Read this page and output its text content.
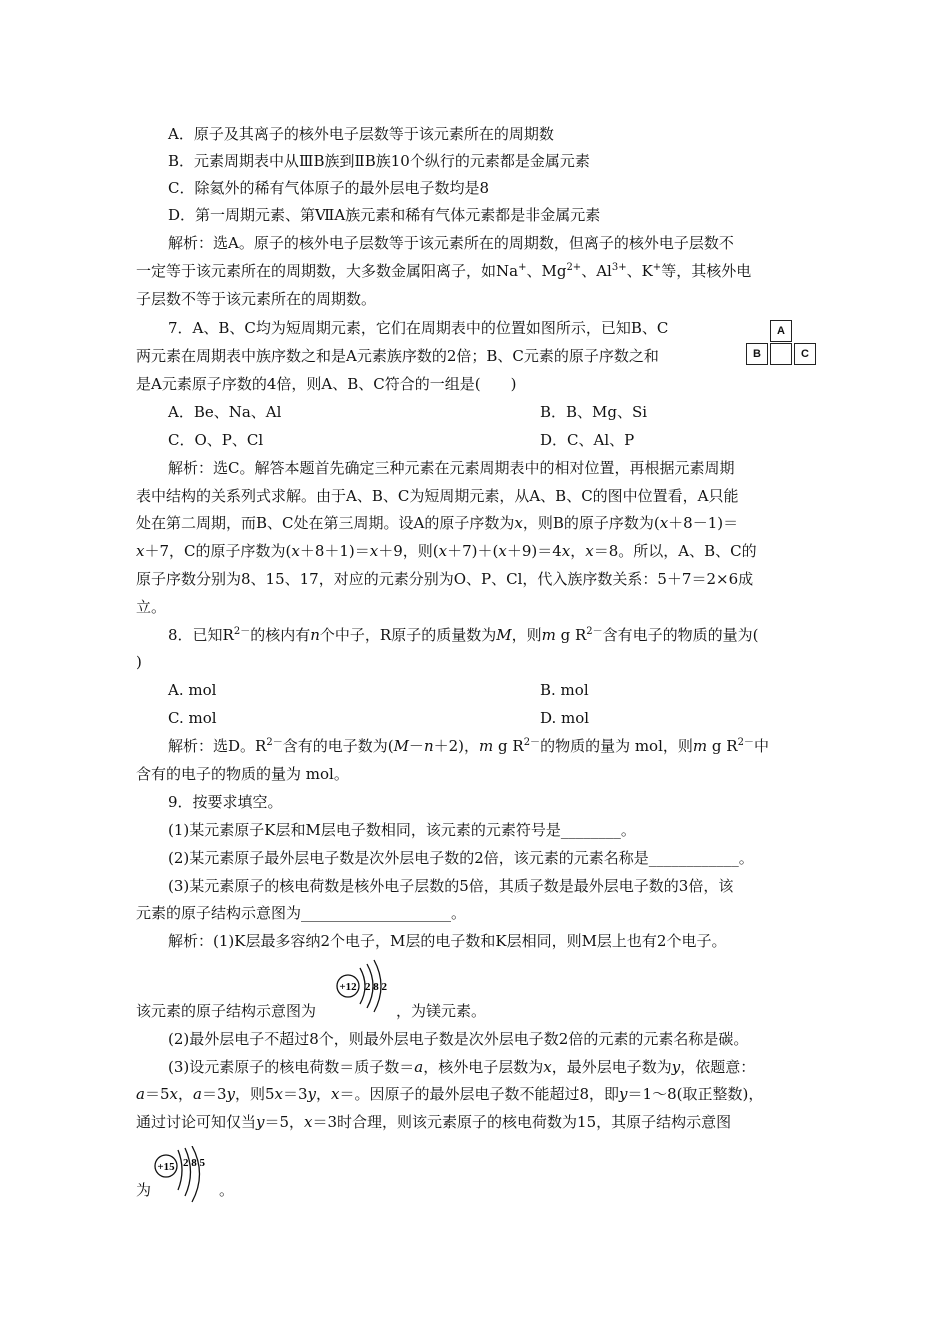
A．原子及其离子的核外电子层数等于该元素所在的周期数
B．元素周期表中从ⅢB族到ⅡB族10个纵行的元素都是金属元素
C．除氦外的稀有气体原子的最外层电子数均是8
D．第一周期元素、第ⅦA族元素和稀有气体元素都是非金属元素
解析：选A。原子的核外电子层数等于该元素所在的周期数，但离子的核外电子层数不
一定等于该元素所在的周期数，大多数金属阳离子，如Na+、$Mg^{2+}$、$Al^{3+}$、K+等，其核外电
子层数不等于该元素所在的周期数。
7．A、B、C均为短周期元素，它们在周期表中的位置如图所示，已知B、C
两元素在周期表中族序数之和是A元素族序数的2倍；B、C元素的原子序数之和
是A元素原子序数的4倍，则A、B、C符合的一组是(　　)
A
B	C
A．Be、Na、Al	B．B、Mg、Si
C．O、P、Cl	D．C、Al、P
解析：选C。解答本题首先确定三种元素在元素周期表中的相对位置，再根据元素周期
表中结构的关系列式求解。由于A、B、C为短周期元素，从A、B、C的图中位置看，A只能
处在第二周期，而B、C处在第三周期。设A的原子序数为x，则B的原子序数为(x＋8－1)＝
x＋7，C的原子序数为(x＋8＋1)＝x＋9，则(x＋7)＋(x＋9)＝4x，x＝8。所以，A、B、C的
原子序数分别为8、15、17，对应的元素分别为O、P、Cl，代入族序数关系：5＋7＝2×6成
立。
8．已知$R^{2-}$的核内有n个中子，R原子的质量数为M，则m g $R^{2-}$含有电子的物质的量为(
)
A. mol	B. mol
C. mol	D. mol
解析：选D。$R^{2-}$含有的电子数为(M－n＋2)，m g $R^{2-}$的物质的量为 mol，则m g $R^{2-}$中
含有的电子的物质的量为 mol。
9．按要求填空。
(1)某元素原子K层和M层电子数相同，该元素的元素符号是________。
(2)某元素原子最外层电子数是次外层电子数的2倍，该元素的元素名称是____________。
(3)某元素原子的核电荷数是核外电子层数的5倍，其质子数是最外层电子数的3倍，该
元素的原子结构示意图为____________________。
解析：(1)K层最多容纳2个电子，M层的电子数和K层相同，则M层上也有2个电子。
+12 2 8 2
该元素的原子结构示意图为	，为镁元素。
(2)最外层电子不超过8个，则最外层电子数是次外层电子数2倍的元素的元素名称是碳。
(3)设元素原子的核电荷数＝质子数＝a，核外电子层数为x，最外层电子数为y，依题意：
a＝5x，a＝3y，则5x＝3y，x＝。因原子的最外层电子数不能超过8，即y＝1～8(取正整数)，
通过讨论可知仅当y＝5，x＝3时合理，则该元素原子的核电荷数为15，其原子结构示意图
+15 2 8 5
为	。
